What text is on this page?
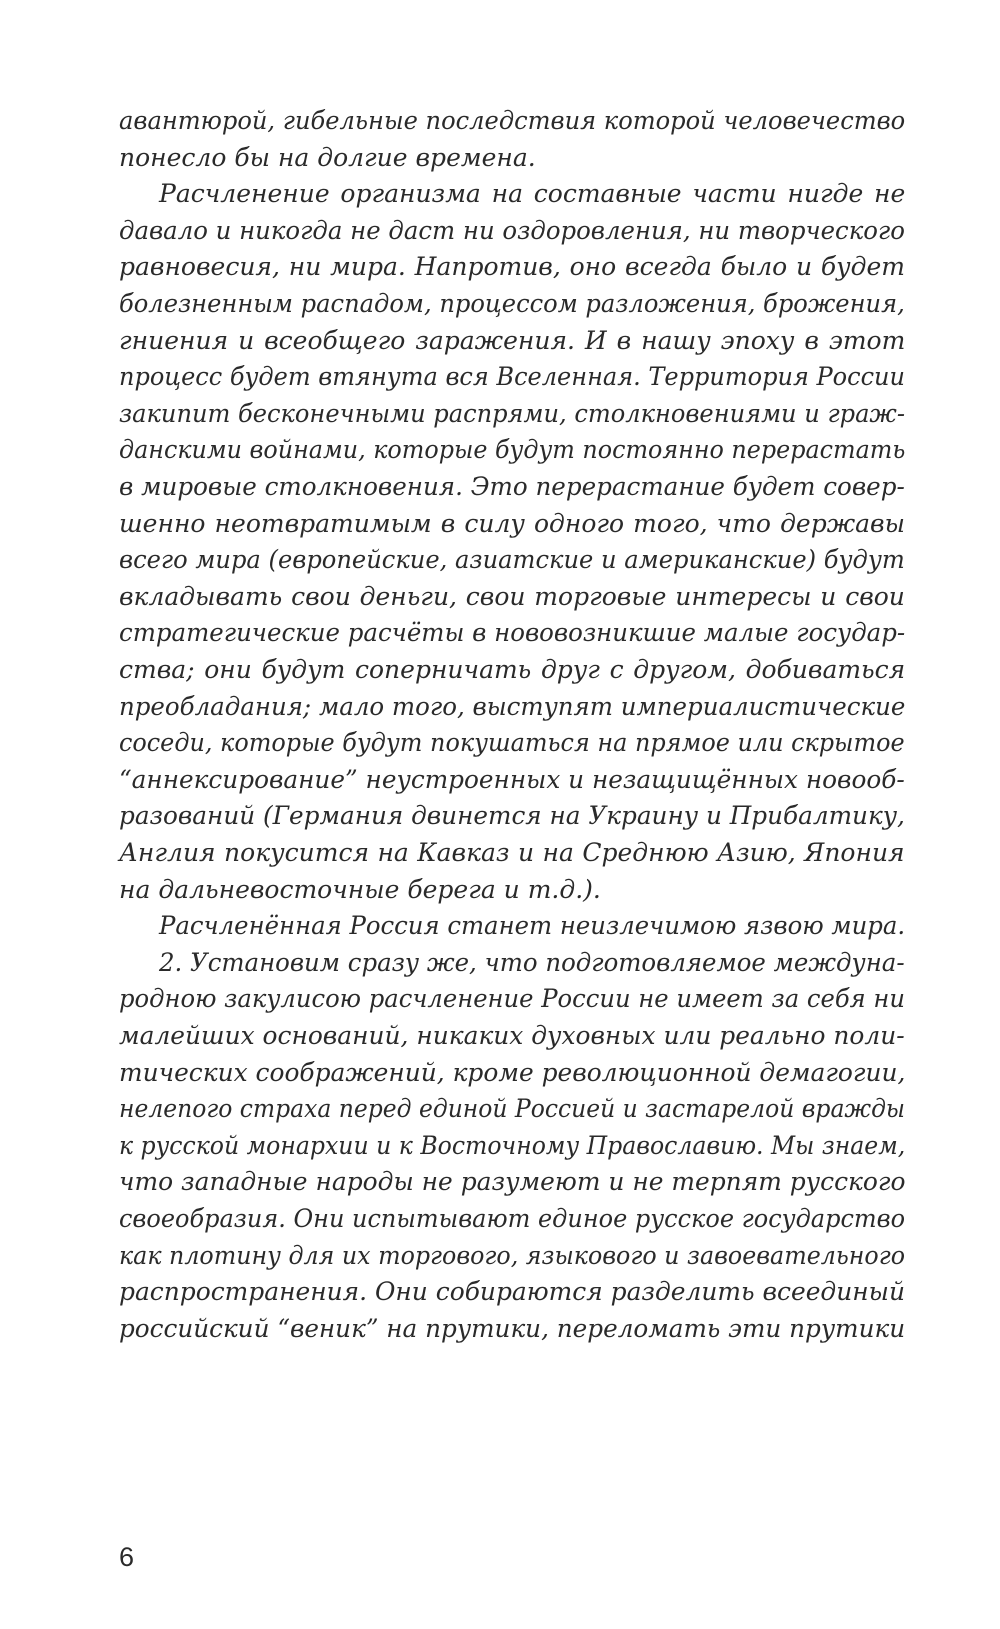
авантюрой, гибельные последствия которой человечество
понесло бы на долгие времена.
Расчленение организма на составные части нигде не
давало и никогда не даст ни оздоровления, ни творческого
равновесия, ни мира. Напротив, оно всегда было и будет
болезненным распадом, процессом разложения, брожения,
гниения и всеобщего заражения. И в нашу эпоху в этот
процесс будет втянута вся Вселенная. Территория России
закипит бесконечными распрями, столкновениями и граж-
данскими войнами, которые будут постоянно перерастать
в мировые столкновения. Это перерастание будет совер-
шенно неотвратимым в силу одного того, что державы
всего мира (европейские, азиатские и американские) будут
вкладывать свои деньги, свои торговые интересы и свои
стратегические расчёты в нововозникшие малые государ-
ства; они будут соперничать друг с другом, добиваться
преобладания; мало того, выступят империалистические
соседи, которые будут покушаться на прямое или скрытое
“аннексирование” неустроенных и незащищённых новооб-
разований (Германия двинется на Украину и Прибалтику,
Англия покусится на Кавказ и на Среднюю Азию, Япония
на дальневосточные берега и т.д.).
Расчленённая Россия станет неизлечимою язвою мира.
2. Установим сразу же, что подготовляемое междуна-
родною закулисою расчленение России не имеет за себя ни
малейших оснований, никаких духовных или реально поли-
тических соображений, кроме революционной демагогии,
нелепого страха перед единой Россией и застарелой вражды
к русской монархии и к Восточному Православию. Мы знаем,
что западные народы не разумеют и не терпят русского
своеобразия. Они испытывают единое русское государство
как плотину для их торгового, языкового и завоевательного
распространения. Они собираются разделить всеединый
российский “веник” на прутики, переломать эти прутики
6
